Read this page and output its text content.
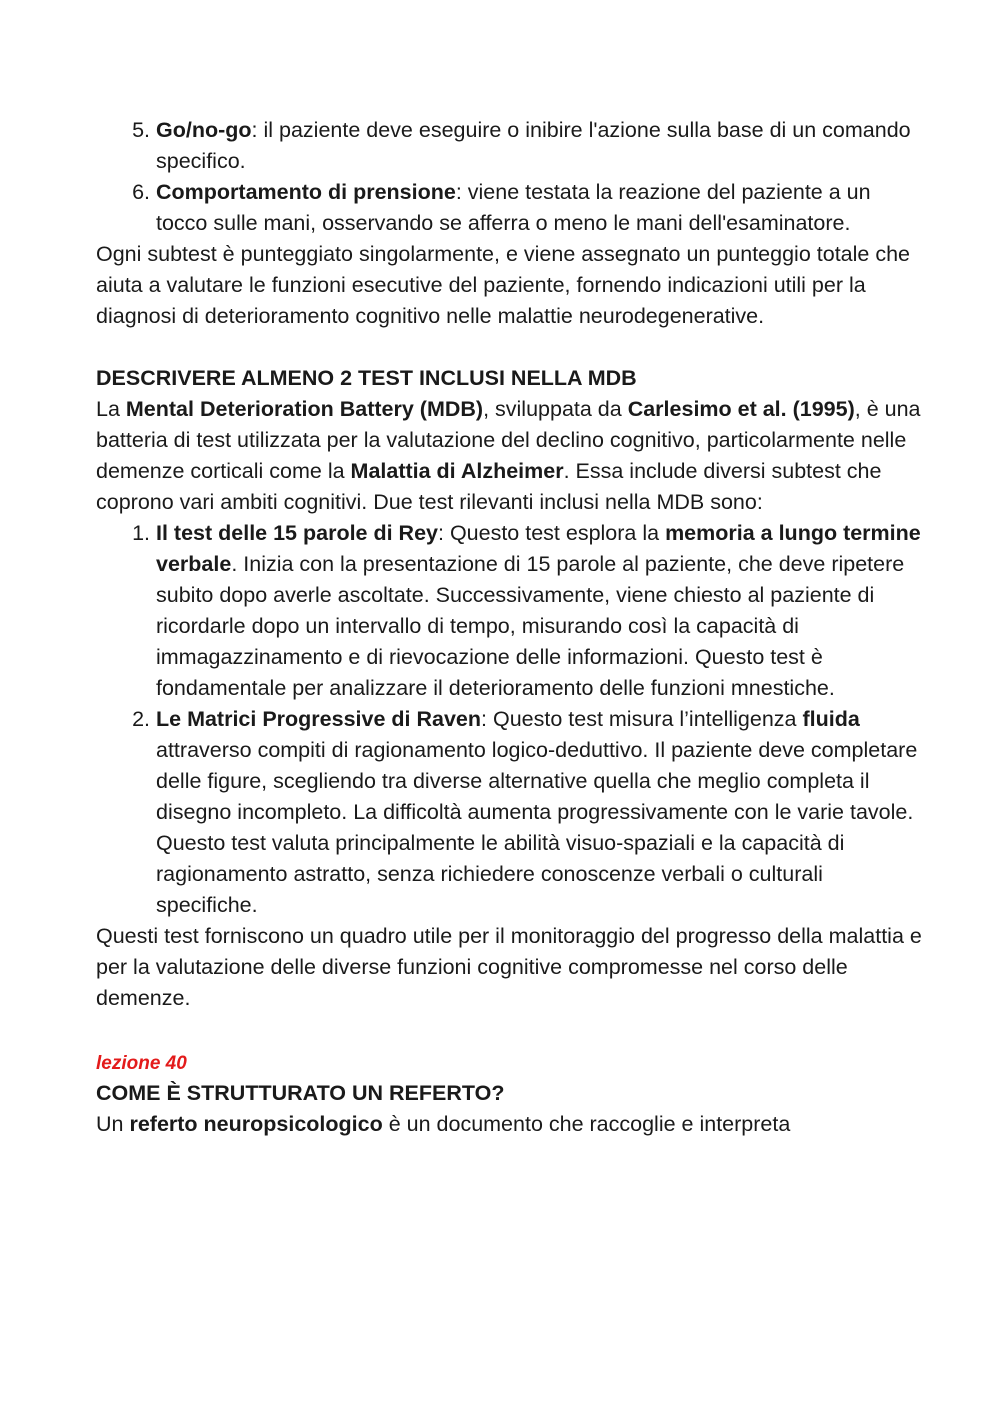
5. Go/no-go: il paziente deve eseguire o inibire l'azione sulla base di un comando specifico.
6. Comportamento di prensione: viene testata la reazione del paziente a un tocco sulle mani, osservando se afferra o meno le mani dell'esaminatore.

Ogni subtest è punteggiato singolarmente, e viene assegnato un punteggio totale che aiuta a valutare le funzioni esecutive del paziente, fornendo indicazioni utili per la diagnosi di deterioramento cognitivo nelle malattie neurodegenerative.

DESCRIVERE ALMENO 2 TEST INCLUSI NELLA MDB

La Mental Deterioration Battery (MDB), sviluppata da Carlesimo et al. (1995), è una batteria di test utilizzata per la valutazione del declino cognitivo, particolarmente nelle demenze corticali come la Malattia di Alzheimer. Essa include diversi subtest che coprono vari ambiti cognitivi. Due test rilevanti inclusi nella MDB sono:

1. Il test delle 15 parole di Rey: Questo test esplora la memoria a lungo termine verbale. Inizia con la presentazione di 15 parole al paziente, che deve ripetere subito dopo averle ascoltate. Successivamente, viene chiesto al paziente di ricordarle dopo un intervallo di tempo, misurando così la capacità di immagazzinamento e di rievocazione delle informazioni. Questo test è fondamentale per analizzare il deterioramento delle funzioni mnestiche.
2. Le Matrici Progressive di Raven: Questo test misura l’intelligenza fluida attraverso compiti di ragionamento logico-deduttivo. Il paziente deve completare delle figure, scegliendo tra diverse alternative quella che meglio completa il disegno incompleto. La difficoltà aumenta progressivamente con le varie tavole. Questo test valuta principalmente le abilità visuo-spaziali e la capacità di ragionamento astratto, senza richiedere conoscenze verbali o culturali specifiche.

Questi test forniscono un quadro utile per il monitoraggio del progresso della malattia e per la valutazione delle diverse funzioni cognitive compromesse nel corso delle demenze.

lezione 40

COME È STRUTTURATO UN REFERTO?

Un referto neuropsicologico è un documento che raccoglie e interpreta
